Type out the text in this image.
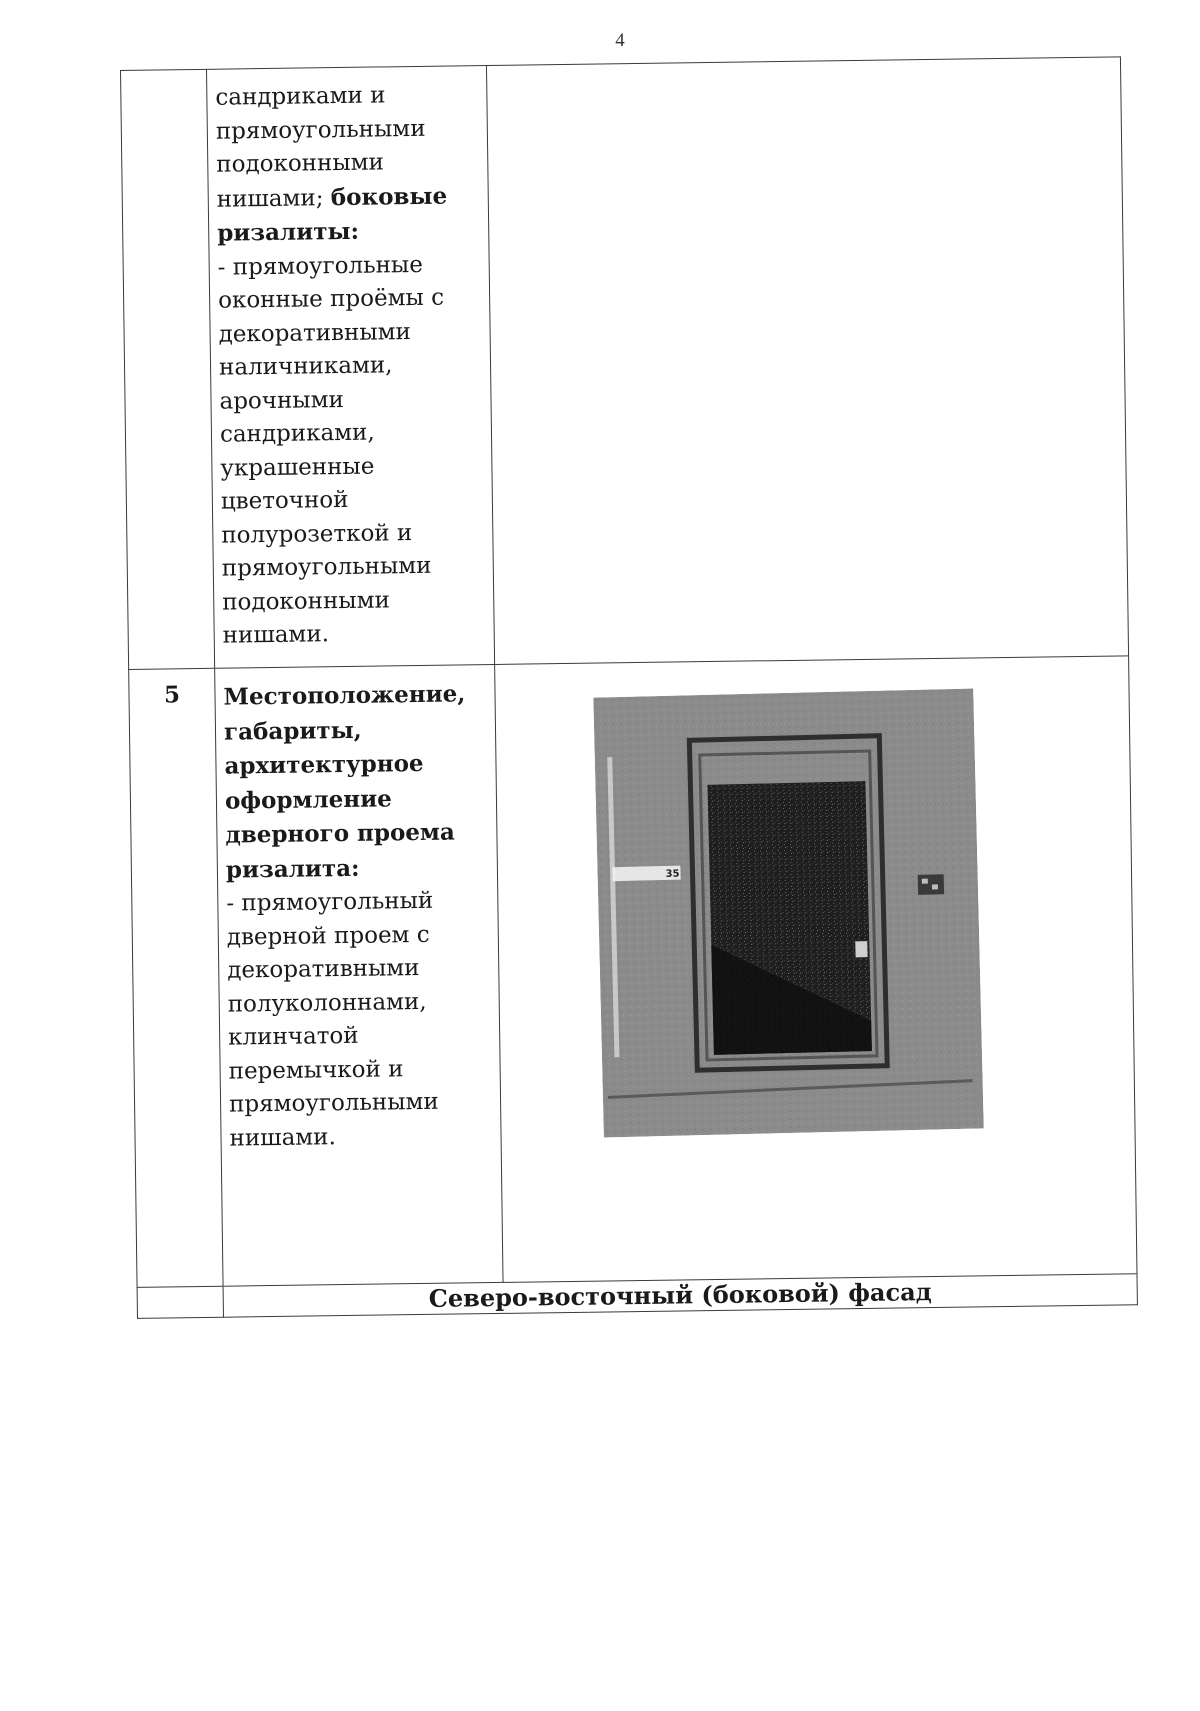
4

	сандриками и прямоугольными подоконными нишами; боковые ризалиты:
- прямоугольные оконные проёмы с декоративными наличниками, арочными сандриками, украшенные цветочной полурозеткой и прямоугольными подоконными нишами.	

5	Местоположение, габариты, архитектурное оформление дверного проема ризалита:
- прямоугольный дверной проем с декоративными полуколоннами, клинчатой перемычкой и прямоугольными нишами.	35

	Северо-восточный (боковой) фасад	
